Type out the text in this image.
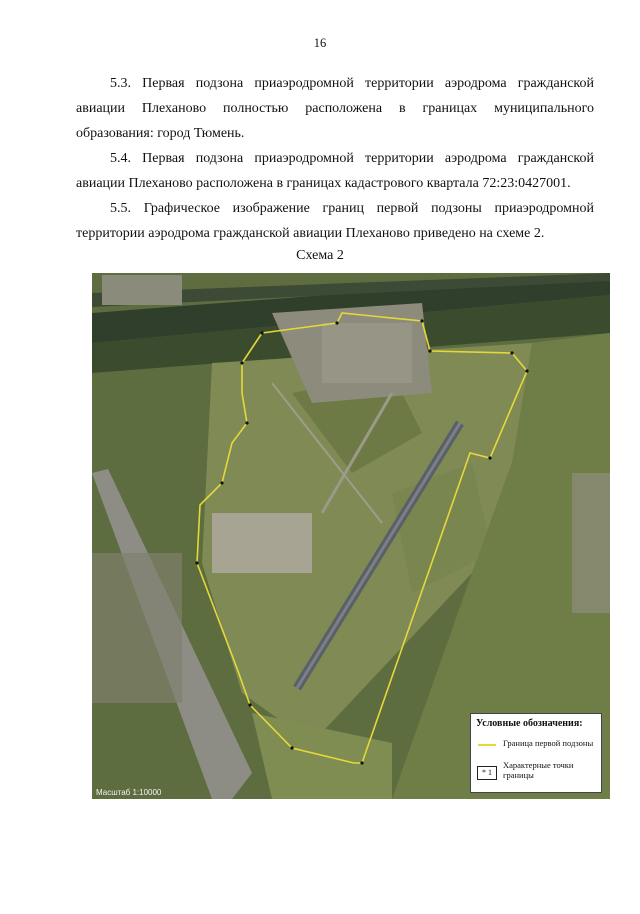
16

5.3. Первая подзона приаэродромной территории аэродрома гражданской авиации Плеханово полностью расположена в границах муниципального образования: город Тюмень.

5.4. Первая подзона приаэродромной территории аэродрома гражданской авиации Плеханово расположена в границах кадастрового квартала 72:23:0427001.

5.5. Графическое изображение границ первой подзоны приаэродромной территории аэродрома гражданской авиации Плеханово приведено на схеме 2.

Схема 2
Масштаб 1:10000
Условные обозначения:
Граница первой подзоны
* 1
Характерные точки границы
